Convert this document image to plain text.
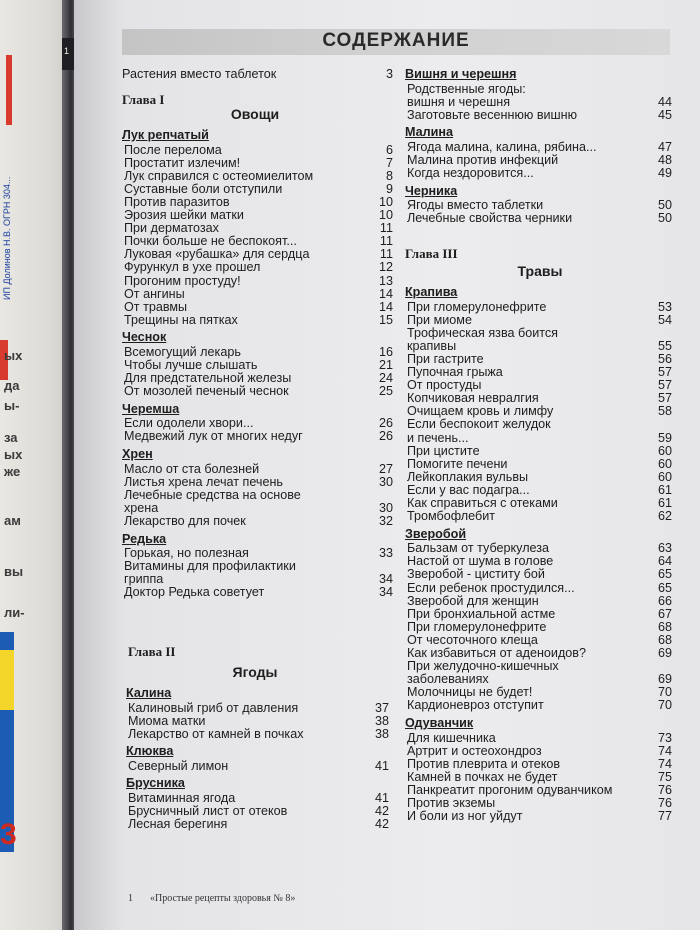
ИП Долинов Н.В. ОГРН 304...
ых
да
ы-
за
ых
же
ам
вы
ли-
3
1	СОДЕРЖАНИЕ
1 «Простые рецепты здоровья № 8»
Растения вместо таблеток	3
Глава I
Овощи
Лук репчатый
После перелома	6
Простатит излечим!	7
Лук справился с остеомиелитом	8
Суставные боли отступили	9
Против паразитов	10
Эрозия шейки матки	10
При дерматозах	11
Почки больше не беспокоят...	11
Луковая «рубашка» для сердца	11
Фурункул в ухе прошел	12
Прогоним простуду!	13
От ангины	14
От травмы	14
Трещины на пятках	15
Чеснок
Всемогущий лекарь	16
Чтобы лучше слышать	21
Для предстательной железы	24
От мозолей печеный чеснок	25
Черемша
Если одолели хвори...	26
Медвежий лук от многих недуг	26
Хрен
Масло от ста болезней	27
Листья хрена лечат печень	30
Лечебные средства на основе
хрена	30
Лекарство для почек	32
Редька
Горькая, но полезная	33
Витамины для профилактики
гриппа	34
Доктор Редька советует	34
Глава II
Ягоды
Калина
Калиновый гриб от давления	37
Миома матки	38
Лекарство от камней в почках	38
Клюква
Северный лимон	41
Брусника
Витаминная ягода	41
Брусничный лист от отеков	42
Лесная берегиня	42
Вишня и черешня
Родственные ягоды:
вишня и черешня	44
Заготовьте весеннюю вишню	45
Малина
Ягода малина, калина, рябина...	47
Малина против инфекций	48
Когда нездоровится...	49
Черника
Ягоды вместо таблетки	50
Лечебные свойства черники	50
Глава III
Травы
Крапива
При гломерулонефрите	53
При миоме	54
Трофическая язва боится
крапивы	55
При гастрите	56
Пупочная грыжа	57
От простуды	57
Копчиковая невралгия	57
Очищаем кровь и лимфу	58
Если беспокоит желудок
и печень...	59
При цистите	60
Помогите печени	60
Лейкоплакия вульвы	60
Если у вас подагра...	61
Как справиться с отеками	61
Тромбофлебит	62
Зверобой
Бальзам от туберкулеза	63
Настой от шума в голове	64
Зверобой - циститу бой	65
Если ребенок простудился...	65
Зверобой для женщин	66
При бронхиальной астме	67
При гломерулонефрите	68
От чесоточного клеща	68
Как избавиться от аденоидов?	69
При желудочно-кишечных
заболеваниях	69
Молочницы не будет!	70
Кардионевроз отступит	70
Одуванчик
Для кишечника	73
Артрит и остеохондроз	74
Против плеврита и отеков	74
Камней в почках не будет	75
Панкреатит прогоним одуванчиком	76
Против экземы	76
И боли из ног уйдут	77
